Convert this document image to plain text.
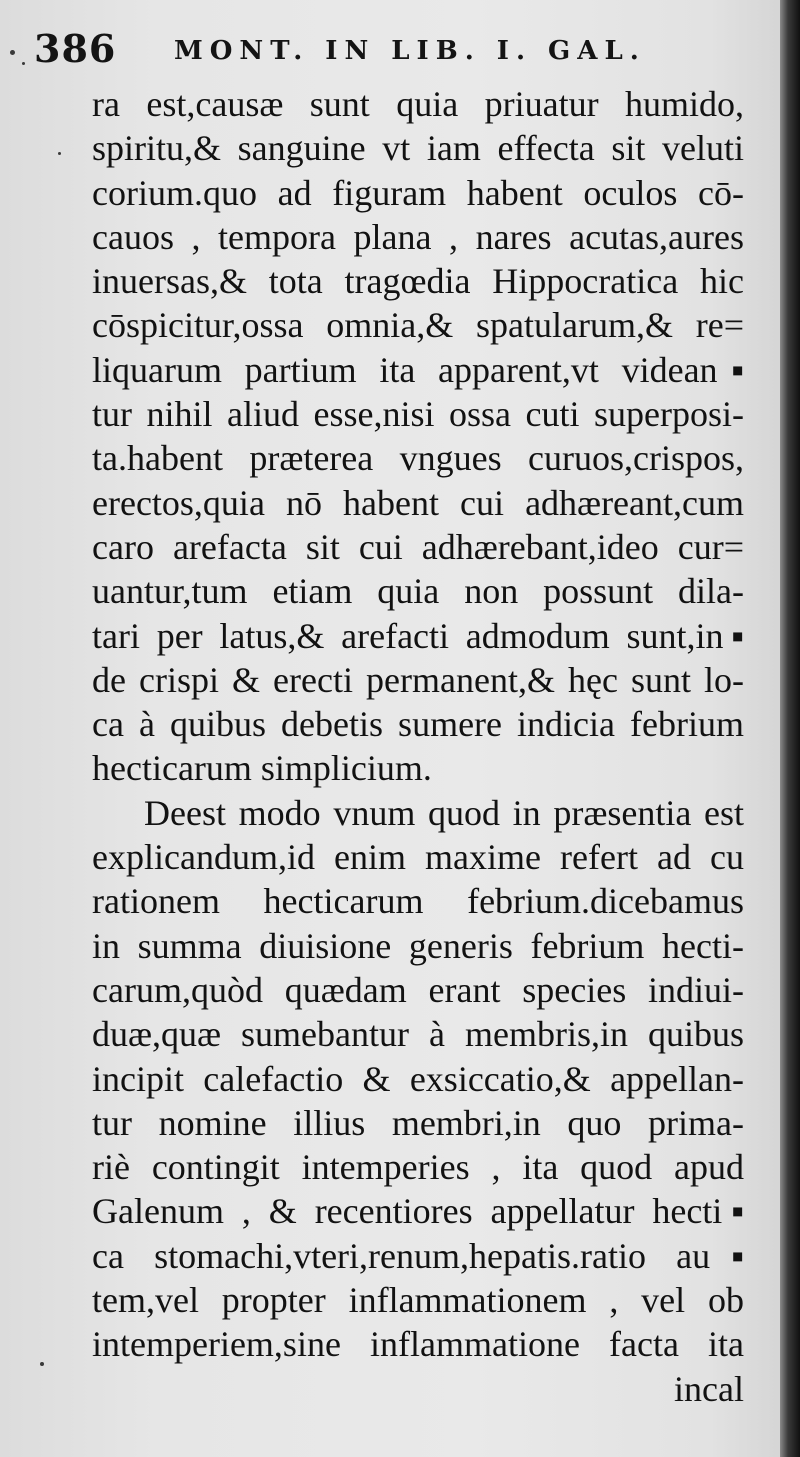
386 MONT. IN LIB. I. GAL.
ra est,causæ sunt quia priuatur humido,
spiritu,& sanguine vt iam effecta sit veluti
corium.quo ad figuram habent oculos cō-
cauos , tempora plana , nares acutas,aures
inuersas,& tota tragœdia Hippocratica hic
cōspicitur,ossa omnia,& spatularum,& re=
liquarum partium ita apparent,vt videan▪
tur nihil aliud esse,nisi ossa cuti superposi-
ta.habent præterea vngues curuos,crispos,
erectos,quia nō habent cui adhæreant,cum
caro arefacta sit cui adhærebant,ideo cur=
uantur,tum etiam quia non possunt dila-
tari per latus,& arefacti admodum sunt,in▪
de crispi & erecti permanent,& hęc sunt lo-
ca à quibus debetis sumere indicia febrium
hecticarum simplicium.
Deest modo vnum quod in præsentia est
explicandum,id enim maxime refert ad cu
rationem hecticarum febrium.dicebamus
in summa diuisione generis febrium hecti-
carum,quòd quædam erant species indiui-
duæ,quæ sumebantur à membris,in quibus
incipit calefactio & exsiccatio,& appellan-
tur nomine illius membri,in quo prima-
riè contingit intemperies , ita quod apud
Galenum , & recentiores appellatur hecti▪
ca stomachi,vteri,renum,hepatis.ratio au▪
tem,vel propter inflammationem , vel ob
intemperiem,sine inflammatione facta ita
incal
